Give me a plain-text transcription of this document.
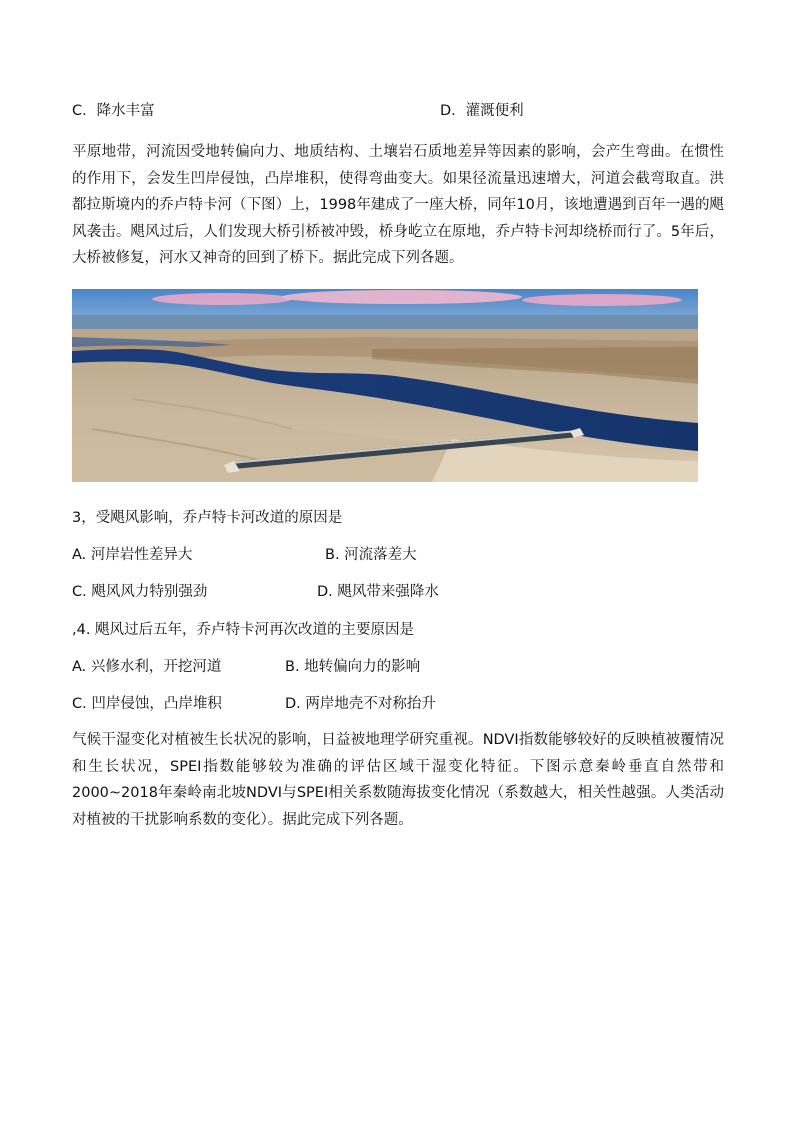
C．降水丰富	D．灌溉便利
平原地带，河流因受地转偏向力、地质结构、土壤岩石质地差异等因素的影响，会产生弯曲。在惯性的作用下，会发生凹岸侵蚀，凸岸堆积，使得弯曲变大。如果径流量迅速增大，河道会截弯取直。洪都拉斯境内的乔卢特卡河（下图）上，1998年建成了一座大桥，同年10月，该地遭遇到百年一遇的飓风袭击。飓风过后，人们发现大桥引桥被冲毁，桥身屹立在原地，乔卢特卡河却绕桥而行了。5年后，大桥被修复，河水又神奇的回到了桥下。据此完成下列各题。
3，受飓风影响，乔卢特卡河改道的原因是
A. 河岸岩性差异大	B. 河流落差大
C. 飓风风力特别强劲	D. 飓风带来强降水
,4. 飓风过后五年，乔卢特卡河再次改道的主要原因是
A. 兴修水利，开挖河道	B. 地转偏向力的影响
C. 凹岸侵蚀，凸岸堆积	D. 两岸地壳不对称抬升
气候干湿变化对植被生长状况的影响，日益被地理学研究重视。NDVI指数能够较好的反映植被覆情况和生长状况，SPEI指数能够较为准确的评估区域干湿变化特征。下图示意秦岭垂直自然带和2000~2018年秦岭南北坡NDVI与SPEI相关系数随海拔变化情况（系数越大，相关性越强。人类活动对植被的干扰影响系数的变化）。据此完成下列各题。
